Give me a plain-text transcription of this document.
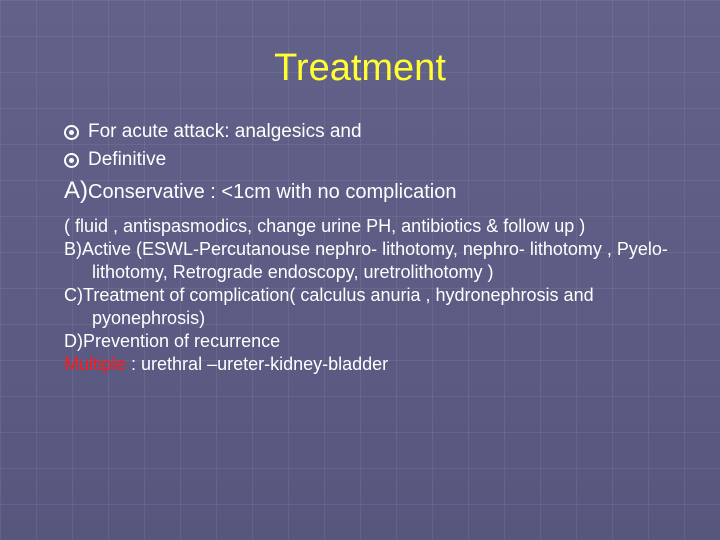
Treatment
For acute attack: analgesics and
Definitive
A)Conservative : <1cm with no complication
( fluid , antispasmodics, change urine PH, antibiotics & follow up )
B)Active (ESWL-Percutanouse nephro- lithotomy, nephro- lithotomy , Pyelo-lithotomy, Retrograde endoscopy, uretrolithotomy )
C)Treatment of complication( calculus anuria , hydronephrosis and pyonephrosis)
D)Prevention of recurrence
Multiple : urethral –ureter-kidney-bladder
